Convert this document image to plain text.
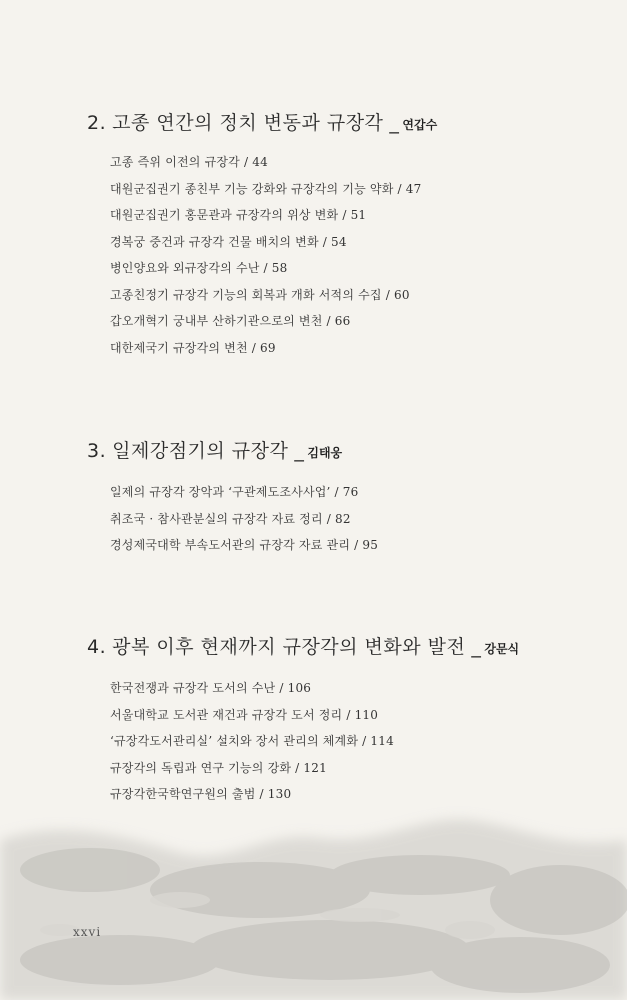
2. 고종 연간의 정치 변동과 규장각 _ 연갑수
고종 즉위 이전의 규장각 / 44
대원군집권기 종친부 기능 강화와 규장각의 기능 약화 / 47
대원군집권기 홍문관과 규장각의 위상 변화 / 51
경복궁 중건과 규장각 건물 배치의 변화 / 54
병인양요와 외규장각의 수난 / 58
고종친정기 규장각 기능의 회복과 개화 서적의 수집 / 60
갑오개혁기 궁내부 산하기관으로의 변천 / 66
대한제국기 규장각의 변천 / 69
3. 일제강점기의 규장각 _ 김태웅
일제의 규장각 장악과 ‘구관제도조사사업’ / 76
취조국 · 참사관분실의 규장각 자료 정리 / 82
경성제국대학 부속도서관의 규장각 자료 관리 / 95
4. 광복 이후 현재까지 규장각의 변화와 발전 _ 강문식
한국전쟁과 규장각 도서의 수난 / 106
서울대학교 도서관 재건과 규장각 도서 정리 / 110
‘규장각도서관리실’ 설치와 장서 관리의 체계화 / 114
규장각의 독립과 연구 기능의 강화 / 121
규장각한국학연구원의 출범 / 130
xxvi
